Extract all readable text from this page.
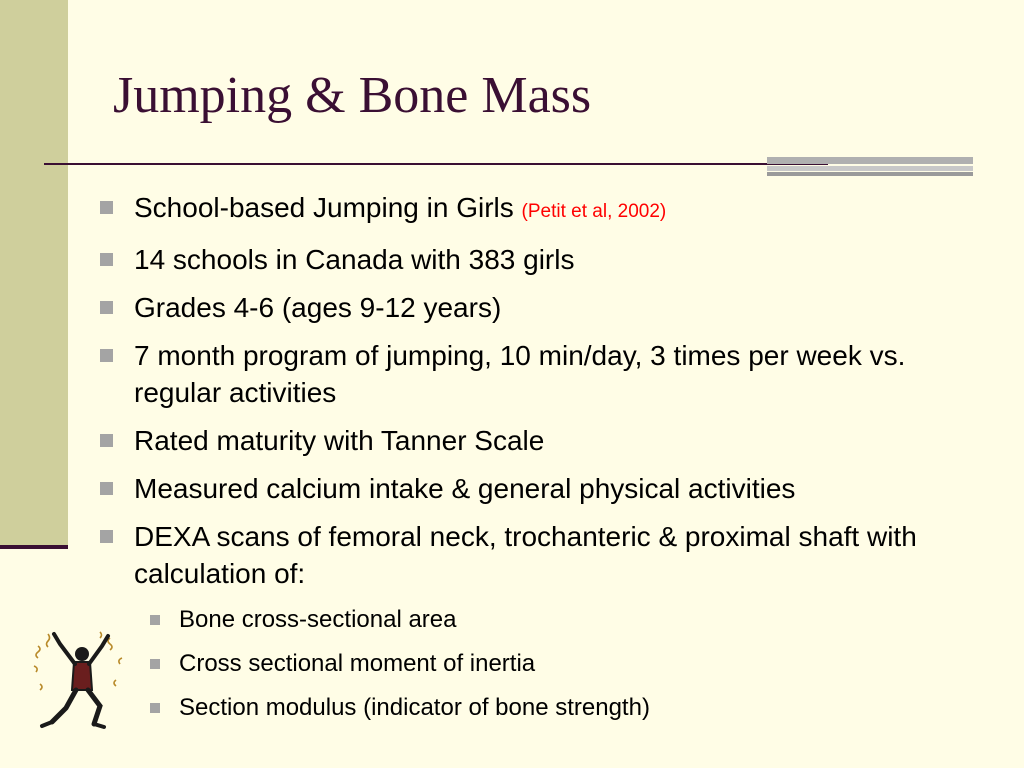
Jumping & Bone Mass
School-based Jumping in Girls (Petit et al, 2002)
14 schools in Canada with 383 girls
Grades 4-6 (ages 9-12 years)
7 month program of jumping, 10 min/day, 3 times per week vs. regular activities
Rated maturity with Tanner Scale
Measured calcium intake & general physical activities
DEXA scans of femoral neck, trochanteric & proximal shaft with calculation of:
Bone cross-sectional area
Cross sectional moment of inertia
Section modulus (indicator of bone strength)
